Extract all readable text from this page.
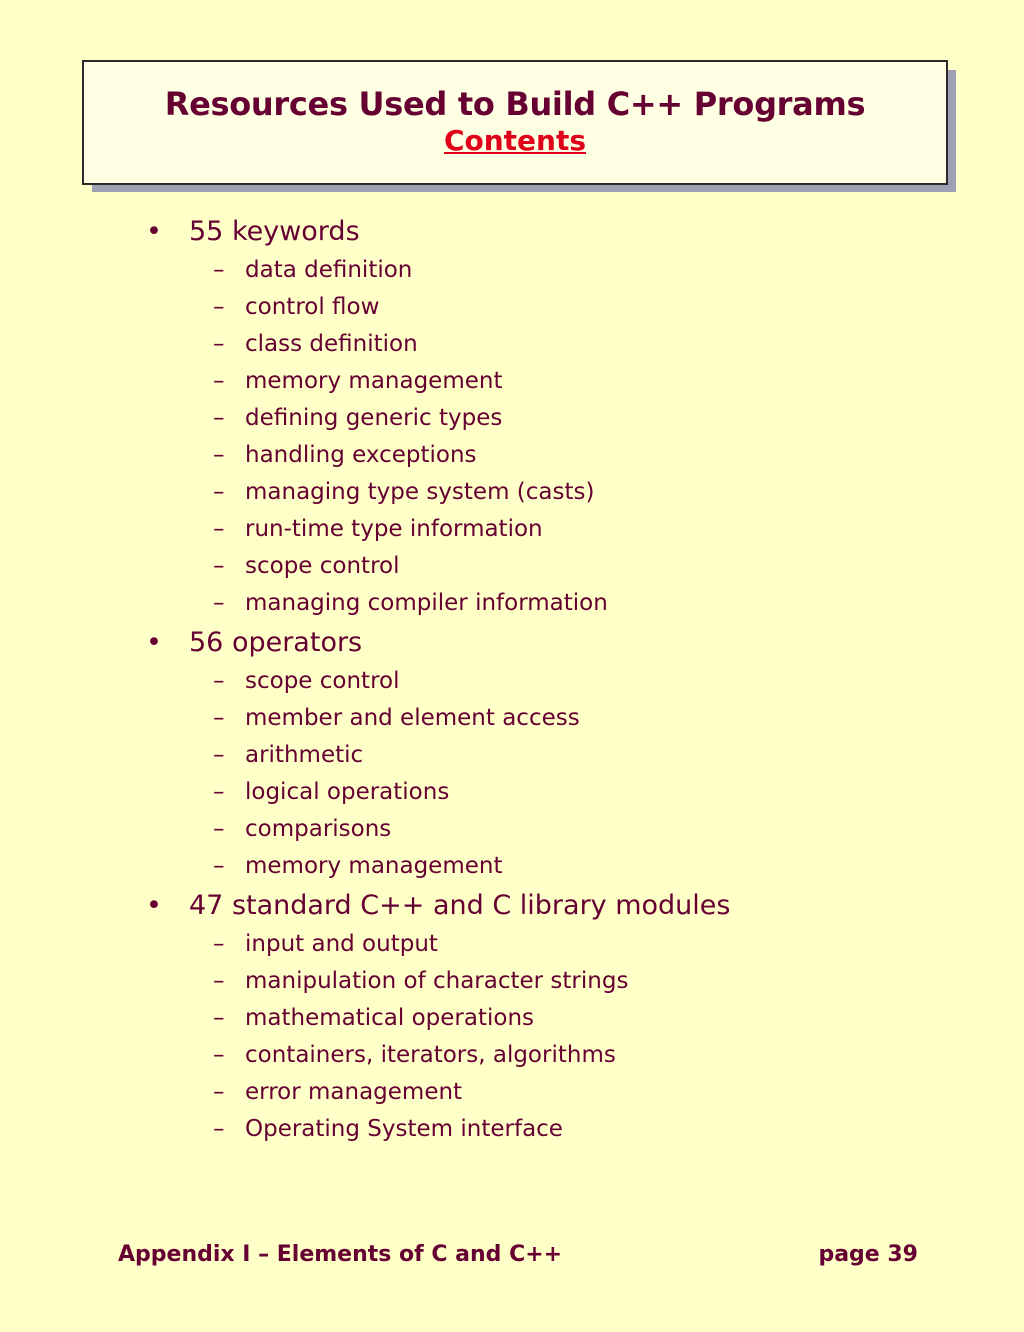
Resources Used to Build C++ Programs
Contents
• 55 keywords
– data definition
– control flow
– class definition
– memory management
– defining generic types
– handling exceptions
– managing type system (casts)
– run-time type information
– scope control
– managing compiler information
• 56 operators
– scope control
– member and element access
– arithmetic
– logical operations
– comparisons
– memory management
• 47 standard C++ and C library modules
– input and output
– manipulation of character strings
– mathematical operations
– containers, iterators, algorithms
– error management
– Operating System interface
Appendix I – Elements of C and C++	page 39
